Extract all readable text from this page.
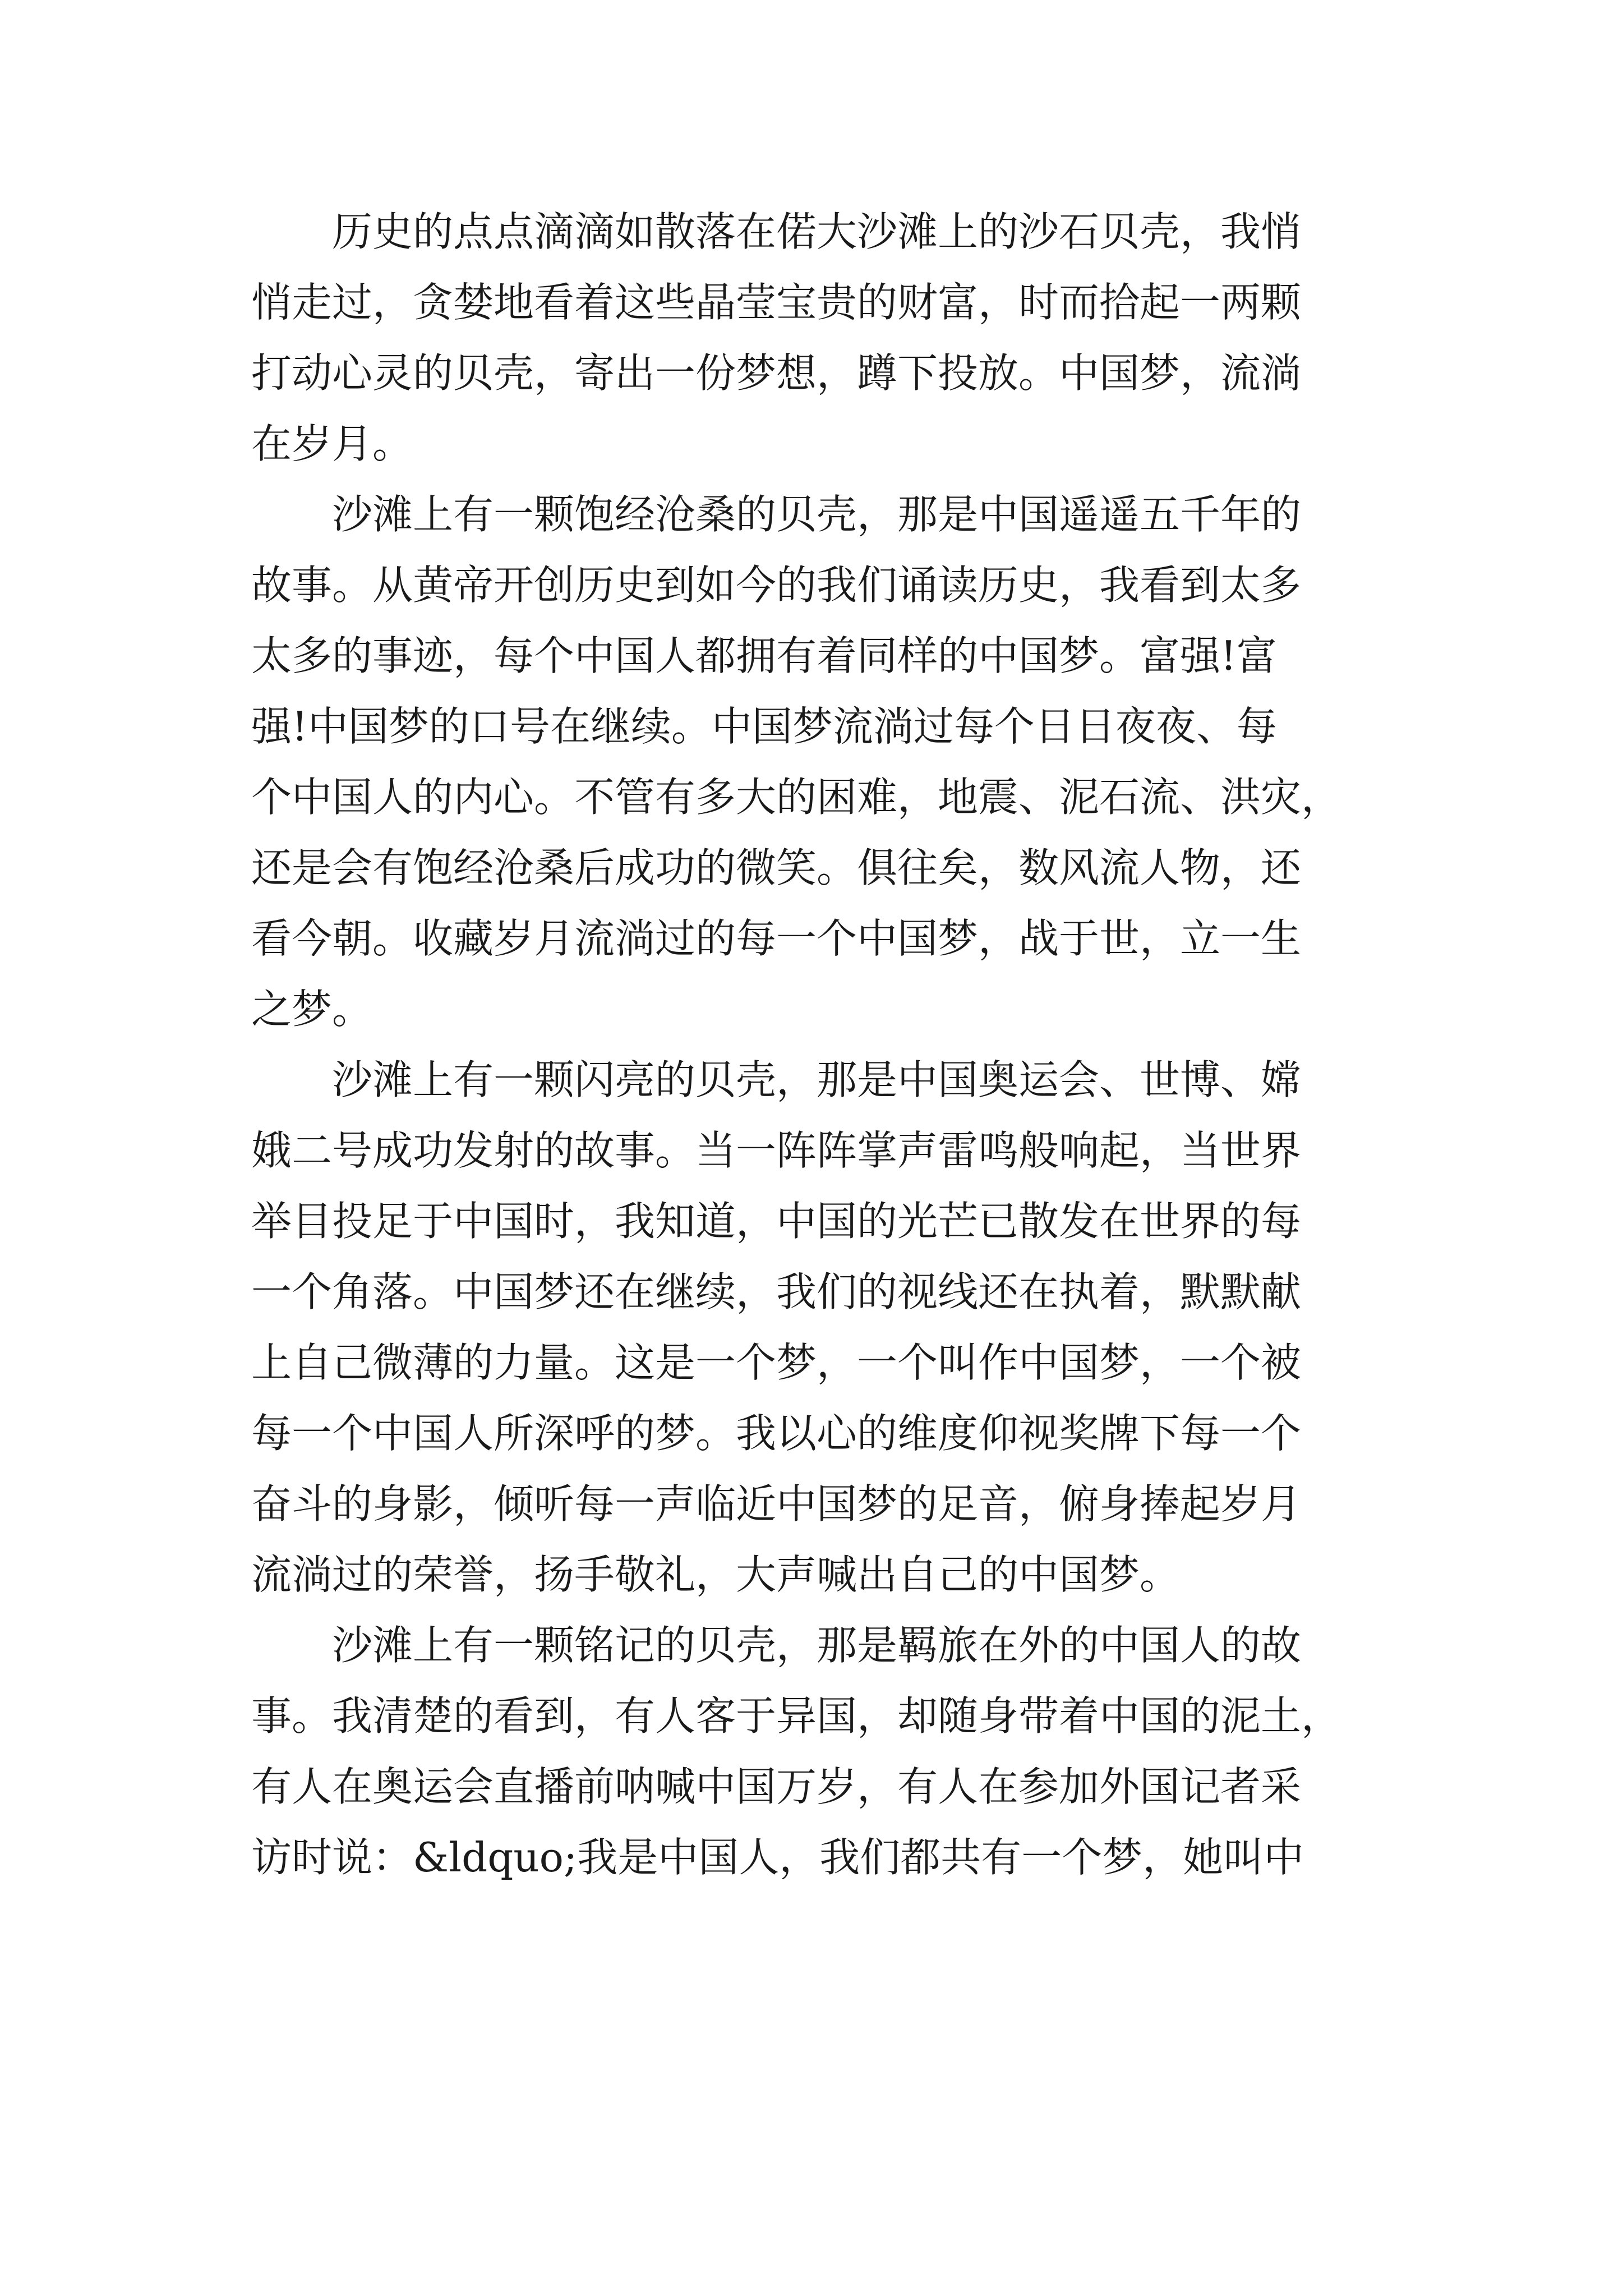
历史的点点滴滴如散落在偌大沙滩上的沙石贝壳，我悄
悄走过，贪婪地看着这些晶莹宝贵的财富，时而拾起一两颗
打动心灵的贝壳，寄出一份梦想，蹲下投放。中国梦，流淌
在岁月。

沙滩上有一颗饱经沧桑的贝壳，那是中国遥遥五千年的
故事。从黄帝开创历史到如今的我们诵读历史，我看到太多
太多的事迹，每个中国人都拥有着同样的中国梦。富强!富
强!中国梦的口号在继续。中国梦流淌过每个日日夜夜、每
个中国人的内心。不管有多大的困难，地震、泥石流、洪灾，
还是会有饱经沧桑后成功的微笑。俱往矣，数风流人物，还
看今朝。收藏岁月流淌过的每一个中国梦，战于世，立一生
之梦。

沙滩上有一颗闪亮的贝壳，那是中国奥运会、世博、嫦
娥二号成功发射的故事。当一阵阵掌声雷鸣般响起，当世界
举目投足于中国时，我知道，中国的光芒已散发在世界的每
一个角落。中国梦还在继续，我们的视线还在执着，默默献
上自己微薄的力量。这是一个梦，一个叫作中国梦，一个被
每一个中国人所深呼的梦。我以心的维度仰视奖牌下每一个
奋斗的身影，倾听每一声临近中国梦的足音，俯身捧起岁月
流淌过的荣誉，扬手敬礼，大声喊出自己的中国梦。

沙滩上有一颗铭记的贝壳，那是羁旅在外的中国人的故
事。我清楚的看到，有人客于异国，却随身带着中国的泥土，
有人在奥运会直播前呐喊中国万岁，有人在参加外国记者采
访时说：&ldquo;我是中国人，我们都共有一个梦，她叫中
